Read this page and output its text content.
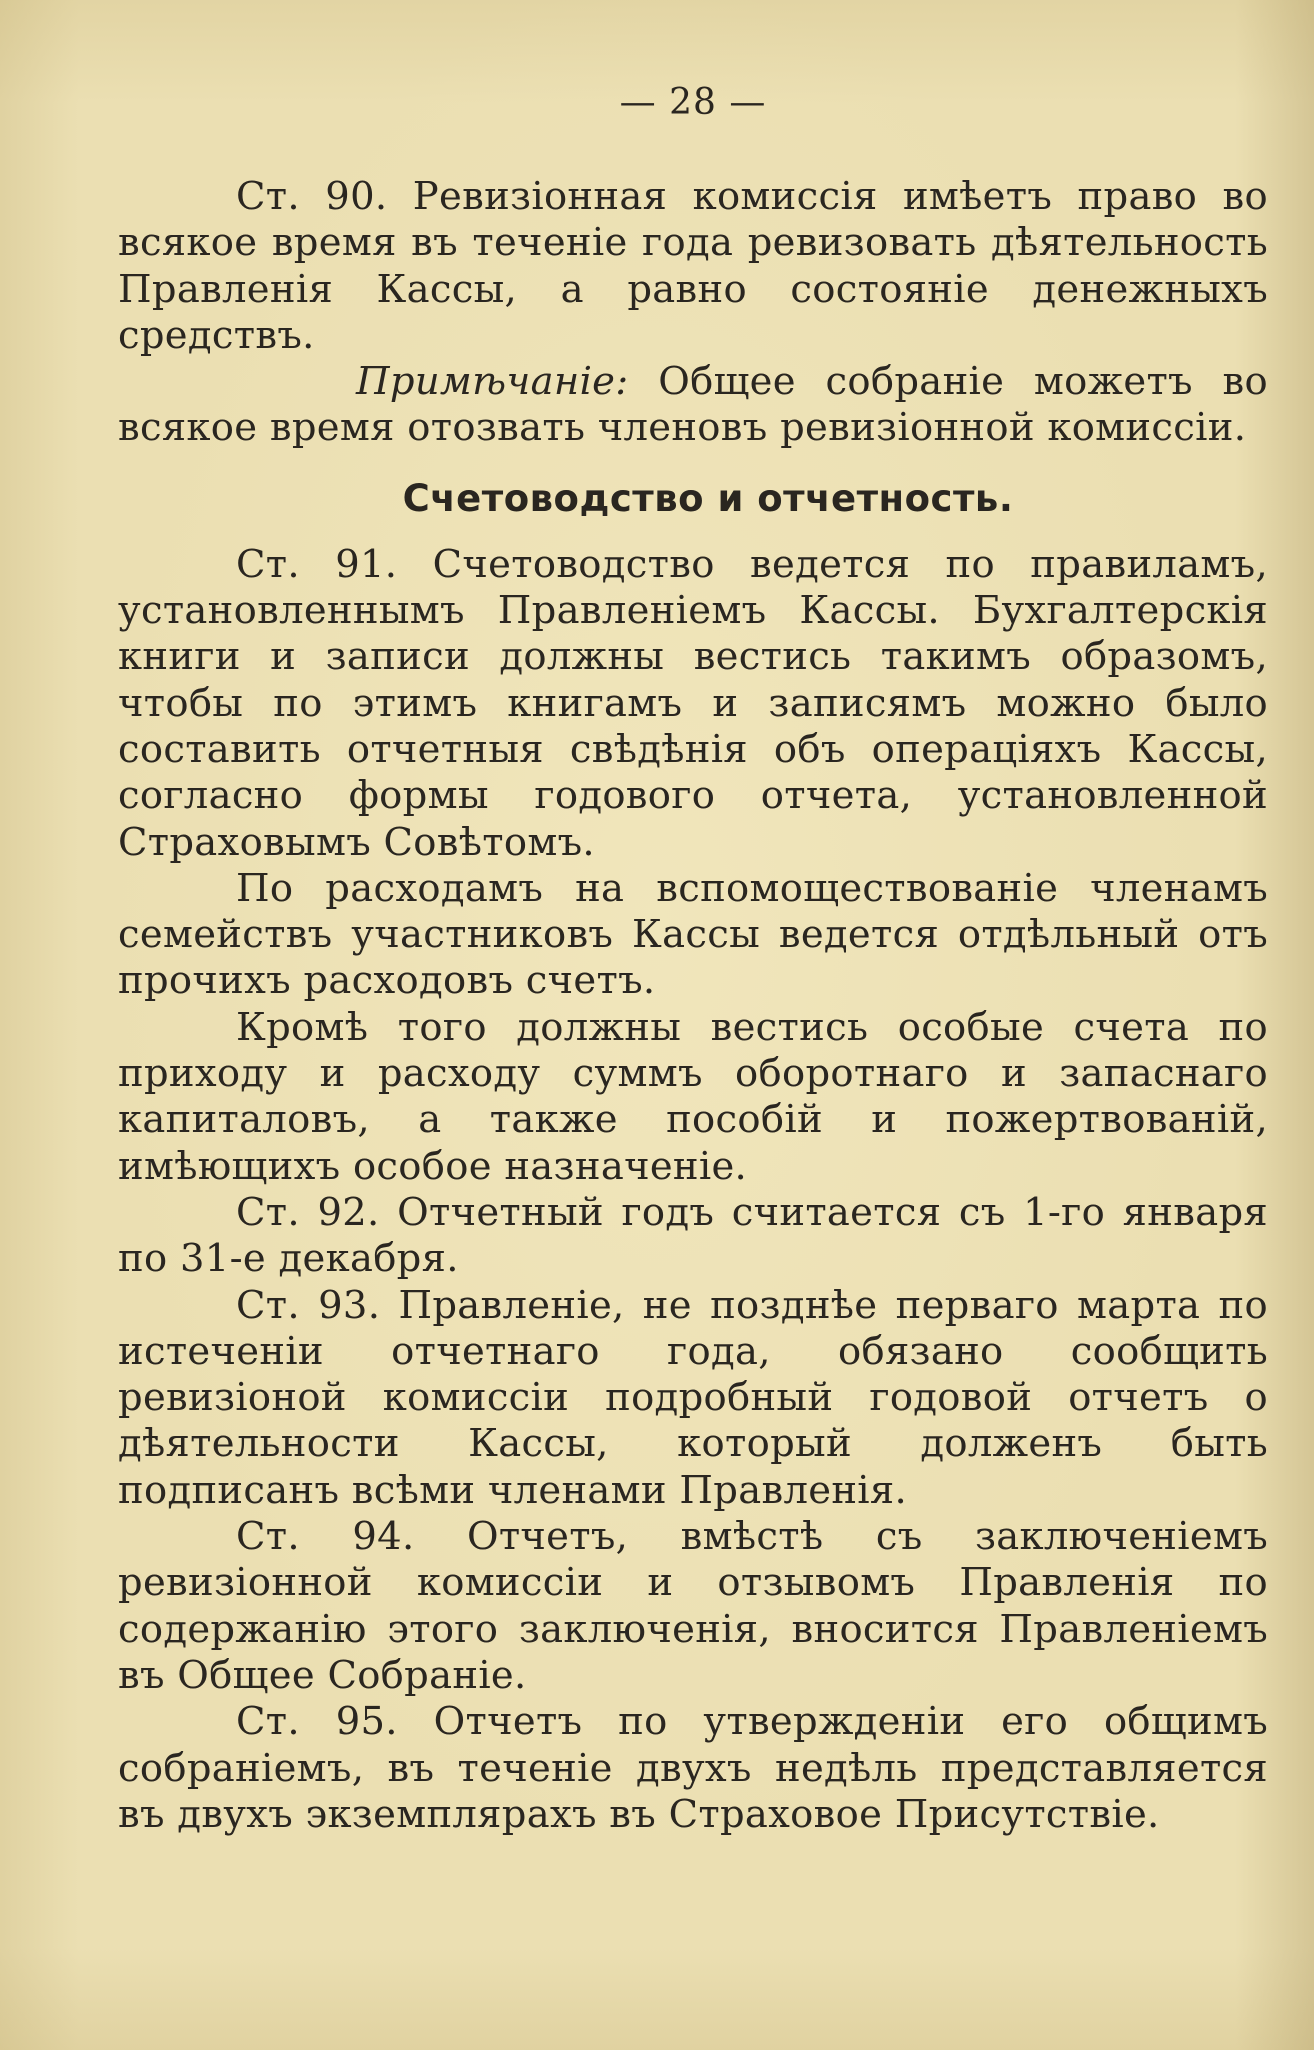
— 28 —

Ст. 90. Ревизіонная комиссія имѣетъ право во всякое время въ теченіе года ревизовать дѣятельность Правленія Кассы, а равно состояніе денежныхъ средствъ.

Примѣчаніе: Общее собраніе можетъ во всякое время отозвать членовъ ревизіонной комиссіи.

Счетоводство и отчетность.

Ст. 91. Счетоводство ведется по правиламъ, установленнымъ Правленіемъ Кассы. Бухгалтерскія книги и записи должны вестись такимъ образомъ, чтобы по этимъ книгамъ и записямъ можно было составить отчетныя свѣдѣнія объ операціяхъ Кассы, согласно формы годового отчета, установленной Страховымъ Совѣтомъ.

По расходамъ на вспомоществованіе членамъ семействъ участниковъ Кассы ведется отдѣльный отъ прочихъ расходовъ счетъ.

Кромѣ того должны вестись особые счета по приходу и расходу суммъ оборотнаго и запаснаго капиталовъ, а также пособій и пожертвованій, имѣющихъ особое назначеніе.

Ст. 92. Отчетный годъ считается съ 1-го января по 31-е декабря.

Ст. 93. Правленіе, не позднѣе перваго марта по истеченіи отчетнаго года, обязано сообщить ревизіоной комиссіи подробный годовой отчетъ о дѣятельности Кассы, который долженъ быть подписанъ всѣми членами Правленія.

Ст. 94. Отчетъ, вмѣстѣ съ заключеніемъ ревизіонной комиссіи и отзывомъ Правленія по содержанію этого заключенія, вносится Правленіемъ въ Общее Собраніе.

Ст. 95. Отчетъ по утвержденіи его общимъ собраніемъ, въ теченіе двухъ недѣль представляется въ двухъ экземплярахъ въ Страховое Присутствіе.
